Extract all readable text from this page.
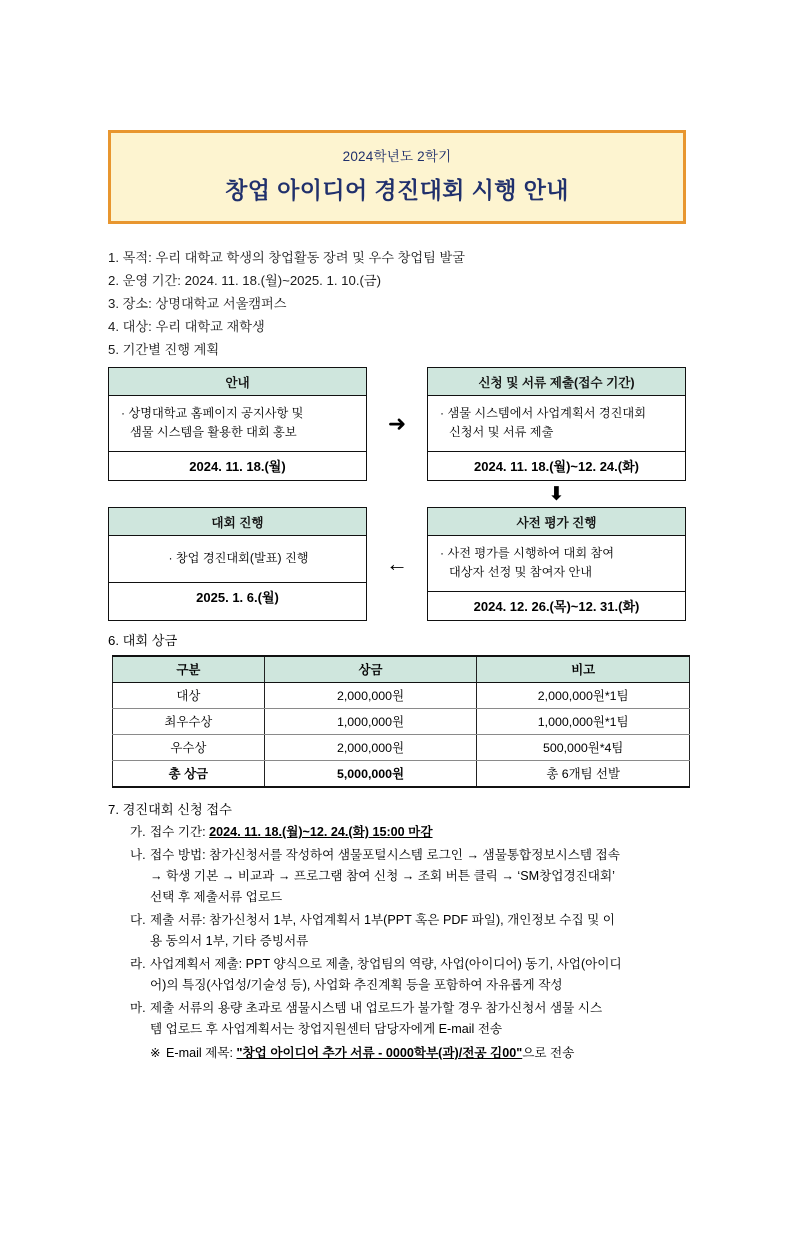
2024학년도 2학기
창업 아이디어 경진대회 시행 안내
1. 목적: 우리 대학교 학생의 창업활동 장려 및 우수 창업팀 발굴
2. 운영 기간: 2024. 11. 18.(월)~2025. 1. 10.(금)
3. 장소: 상명대학교 서울캠퍼스
4. 대상: 우리 대학교 재학생
5. 기간별 진행 계획
안내
· 상명대학교 홈페이지 공지사항 및
샘물 시스템을 활용한 대회 홍보
2024. 11. 18.(월)
➜
신청 및 서류 제출(접수 기간)
· 샘물 시스템에서 사업계획서 경진대회
신청서 및 서류 제출
2024. 11. 18.(월)~12. 24.(화)
⬇
대회 진행
· 창업 경진대회(발표) 진행
2025. 1. 6.(월)
←
사전 평가 진행
· 사전 평가를 시행하여 대회 참여
대상자 선정 및 참여자 안내
2024. 12. 26.(목)~12. 31.(화)
6. 대회 상금
구분	상금	비고
대상	2,000,000원	2,000,000원*1팀
최우수상	1,000,000원	1,000,000원*1팀
우수상	2,000,000원	500,000원*4팀
총 상금	5,000,000원	총 6개팀 선발
7. 경진대회 신청 접수
가. 접수 기간: 2024. 11. 18.(월)~12. 24.(화) 15:00 마감
나. 접수 방법: 참가신청서를 작성하여 샘물포털시스템 로그인 → 샘물통합정보시스템 접속
→ 학생 기본 → 비교과 → 프로그램 참여 신청 → 조회 버튼 클릭 → ‘SM창업경진대회’
선택 후 제출서류 업로드
다. 제출 서류: 참가신청서 1부, 사업계획서 1부(PPT 혹은 PDF 파일), 개인정보 수집 및 이
용 동의서 1부, 기타 증빙서류
라. 사업계획서 제출: PPT 양식으로 제출, 창업팀의 역량, 사업(아이디어) 동기, 사업(아이디
어)의 특징(사업성/기술성 등), 사업화 추진계획 등을 포함하여 자유롭게 작성
마. 제출 서류의 용량 초과로 샘물시스템 내 업로드가 불가할 경우 참가신청서 샘물 시스
템 업로드 후 사업계획서는 창업지원센터 담당자에게 E-mail 전송
※ E-mail 제목: "창업 아이디어 추가 서류 - 0000학부(과)/전공 김00"으로 전송
